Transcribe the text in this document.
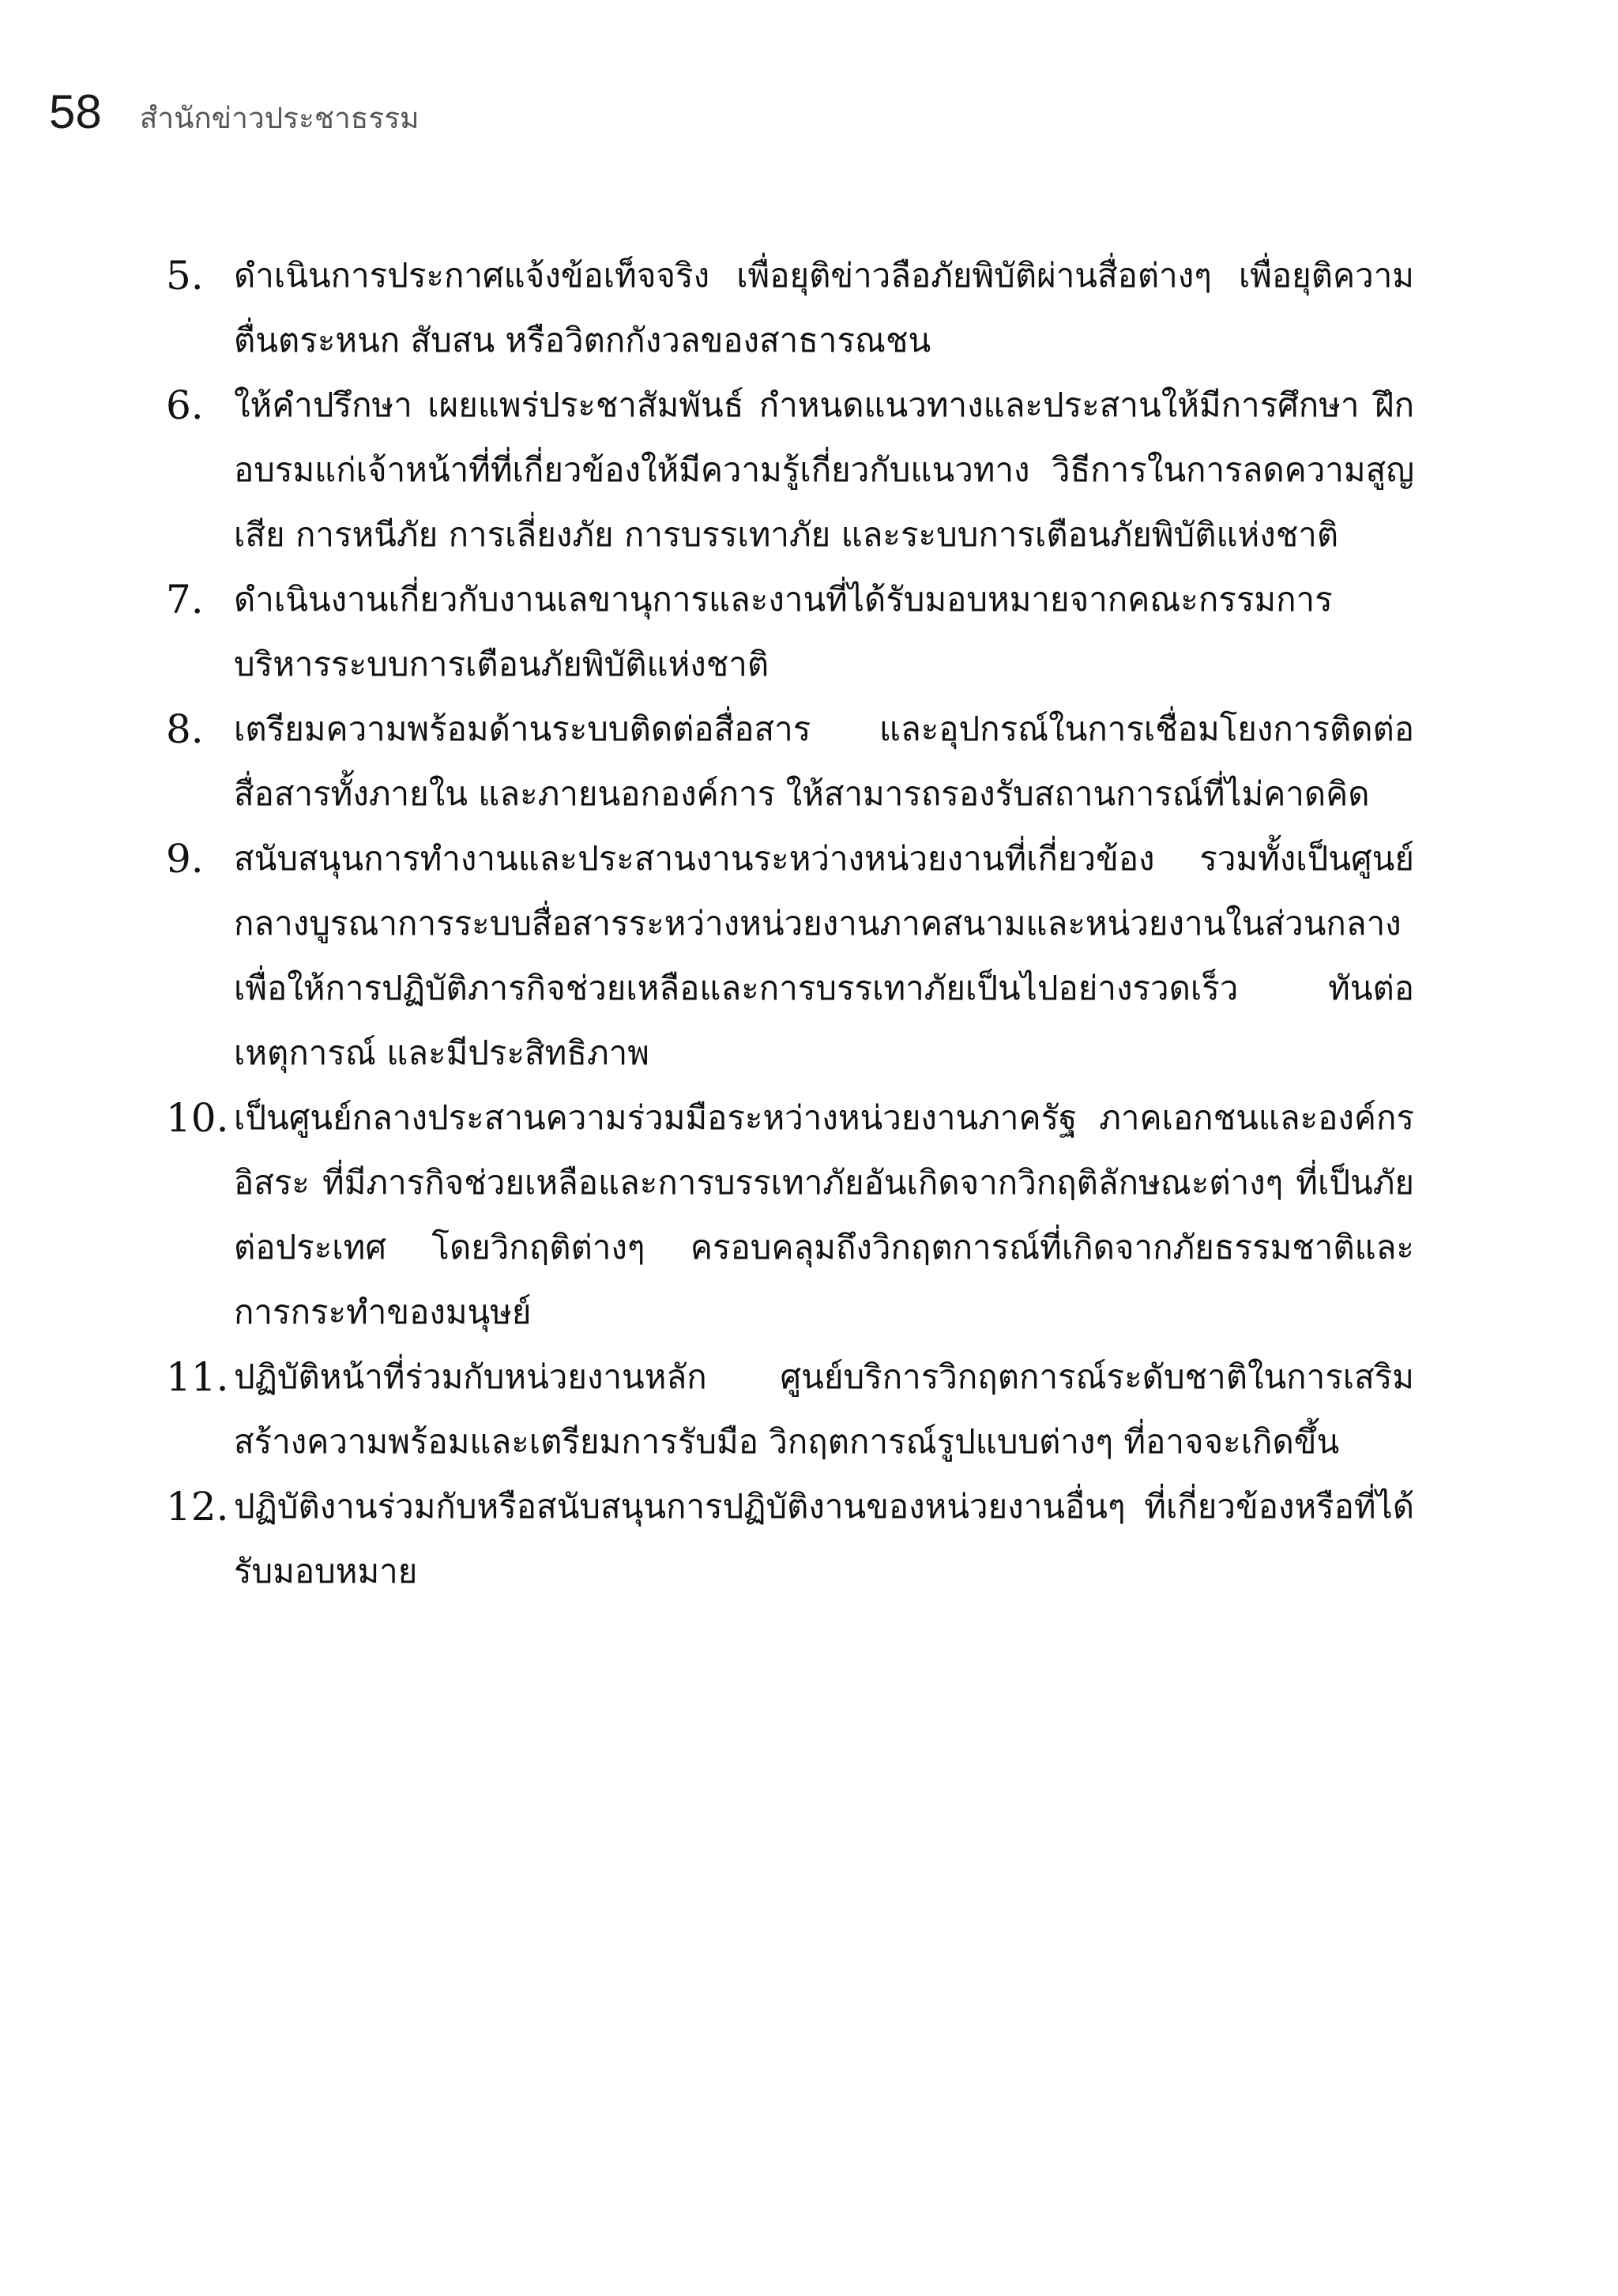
58 สำนักข่าวประชาธรรม
5. ดำเนินการประกาศแจ้งข้อเท็จจริง เพื่อยุติข่าวลือภัยพิบัติผ่านสื่อต่างๆ เพื่อยุติความตื่นตระหนก สับสน หรือวิตกกังวลของสาธารณชน
6. ให้คำปรึกษา เผยแพร่ประชาสัมพันธ์ กำหนดแนวทางและประสานให้มีการศึกษา ฝึกอบรมแก่เจ้าหน้าที่ที่เกี่ยวข้องให้มีความรู้เกี่ยวกับแนวทาง วิธีการในการลดความสูญเสีย การหนีภัย การเลี่ยงภัย การบรรเทาภัย และระบบการเตือนภัยพิบัติแห่งชาติ
7. ดำเนินงานเกี่ยวกับงานเลขานุการและงานที่ได้รับมอบหมายจากคณะกรรมการบริหารระบบการเตือนภัยพิบัติแห่งชาติ
8. เตรียมความพร้อมด้านระบบติดต่อสื่อสาร และอุปกรณ์ในการเชื่อมโยงการติดต่อสื่อสารทั้งภายใน และภายนอกองค์การ ให้สามารถรองรับสถานการณ์ที่ไม่คาดคิด
9. สนับสนุนการทำงานและประสานงานระหว่างหน่วยงานที่เกี่ยวข้อง รวมทั้งเป็นศูนย์กลางบูรณาการระบบสื่อสารระหว่างหน่วยงานภาคสนามและหน่วยงานในส่วนกลาง เพื่อให้การปฏิบัติภารกิจช่วยเหลือและการบรรเทาภัยเป็นไปอย่างรวดเร็ว ทันต่อเหตุการณ์ และมีประสิทธิภาพ
10. เป็นศูนย์กลางประสานความร่วมมือระหว่างหน่วยงานภาครัฐ ภาคเอกชนและองค์กรอิสระ ที่มีภารกิจช่วยเหลือและการบรรเทาภัยอันเกิดจากวิกฤติลักษณะต่างๆ ที่เป็นภัยต่อประเทศ โดยวิกฤติต่างๆ ครอบคลุมถึงวิกฤตการณ์ที่เกิดจากภัยธรรมชาติและการกระทำของมนุษย์
11. ปฏิบัติหน้าที่ร่วมกับหน่วยงานหลัก ศูนย์บริการวิกฤตการณ์ระดับชาติในการเสริมสร้างความพร้อมและเตรียมการรับมือ วิกฤตการณ์รูปแบบต่างๆ ที่อาจจะเกิดขึ้น
12. ปฏิบัติงานร่วมกับหรือสนับสนุนการปฏิบัติงานของหน่วยงานอื่นๆ ที่เกี่ยวข้องหรือที่ได้รับมอบหมาย
